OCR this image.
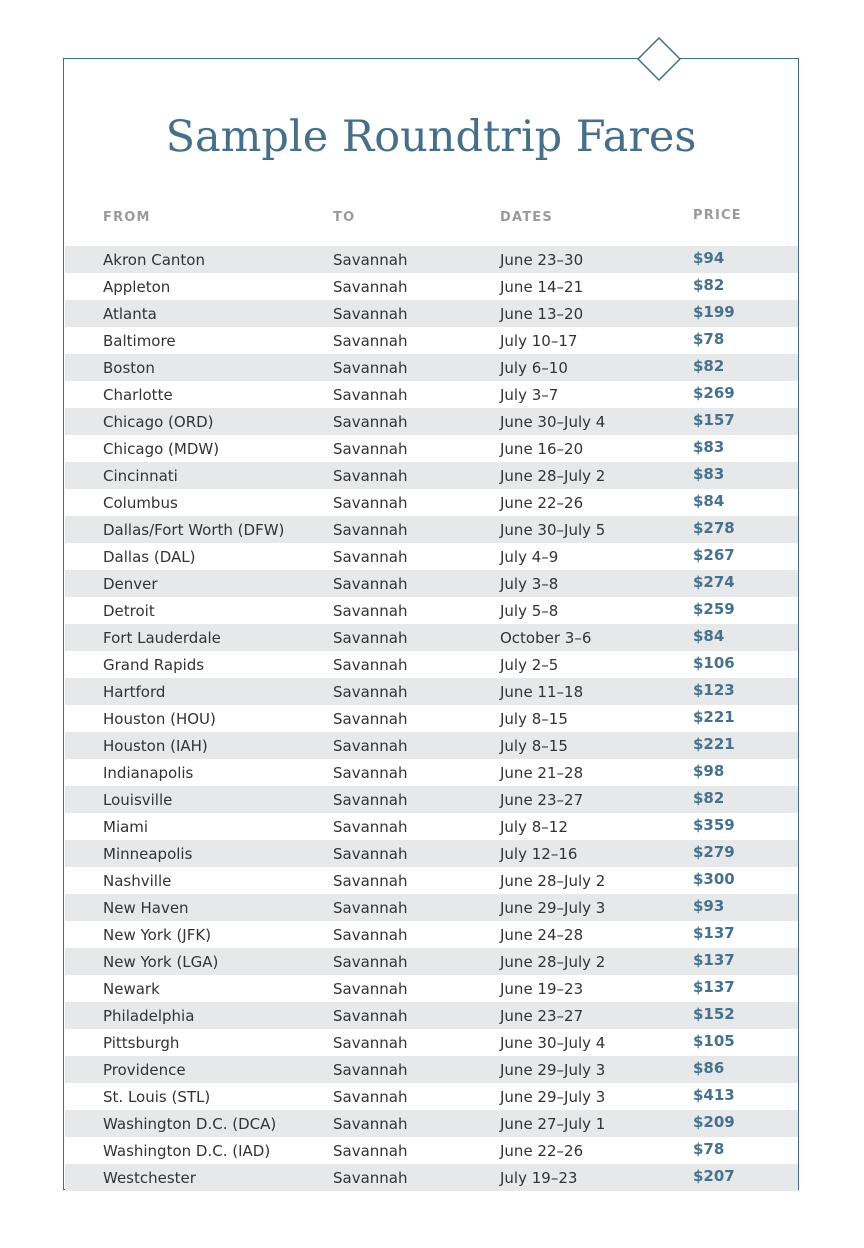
Sample Roundtrip Fares
FROM	TO	DATES	PRICE
Akron Canton	Savannah	June 23–30	$94
Appleton	Savannah	June 14–21	$82
Atlanta	Savannah	June 13–20	$199
Baltimore	Savannah	July 10–17	$78
Boston	Savannah	July 6–10	$82
Charlotte	Savannah	July 3–7	$269
Chicago (ORD)	Savannah	June 30–July 4	$157
Chicago (MDW)	Savannah	June 16–20	$83
Cincinnati	Savannah	June 28–July 2	$83
Columbus	Savannah	June 22–26	$84
Dallas/Fort Worth (DFW)	Savannah	June 30–July 5	$278
Dallas (DAL)	Savannah	July 4–9	$267
Denver	Savannah	July 3–8	$274
Detroit	Savannah	July 5–8	$259
Fort Lauderdale	Savannah	October 3–6	$84
Grand Rapids	Savannah	July 2–5	$106
Hartford	Savannah	June 11–18	$123
Houston (HOU)	Savannah	July 8–15	$221
Houston (IAH)	Savannah	July 8–15	$221
Indianapolis	Savannah	June 21–28	$98
Louisville	Savannah	June 23–27	$82
Miami	Savannah	July 8–12	$359
Minneapolis	Savannah	July 12–16	$279
Nashville	Savannah	June 28–July 2	$300
New Haven	Savannah	June 29–July 3	$93
New York (JFK)	Savannah	June 24–28	$137
New York (LGA)	Savannah	June 28–July 2	$137
Newark	Savannah	June 19–23	$137
Philadelphia	Savannah	June 23–27	$152
Pittsburgh	Savannah	June 30–July 4	$105
Providence	Savannah	June 29–July 3	$86
St. Louis (STL)	Savannah	June 29–July 3	$413
Washington D.C. (DCA)	Savannah	June 27–July 1	$209
Washington D.C. (IAD)	Savannah	June 22–26	$78
Westchester	Savannah	July 19–23	$207
